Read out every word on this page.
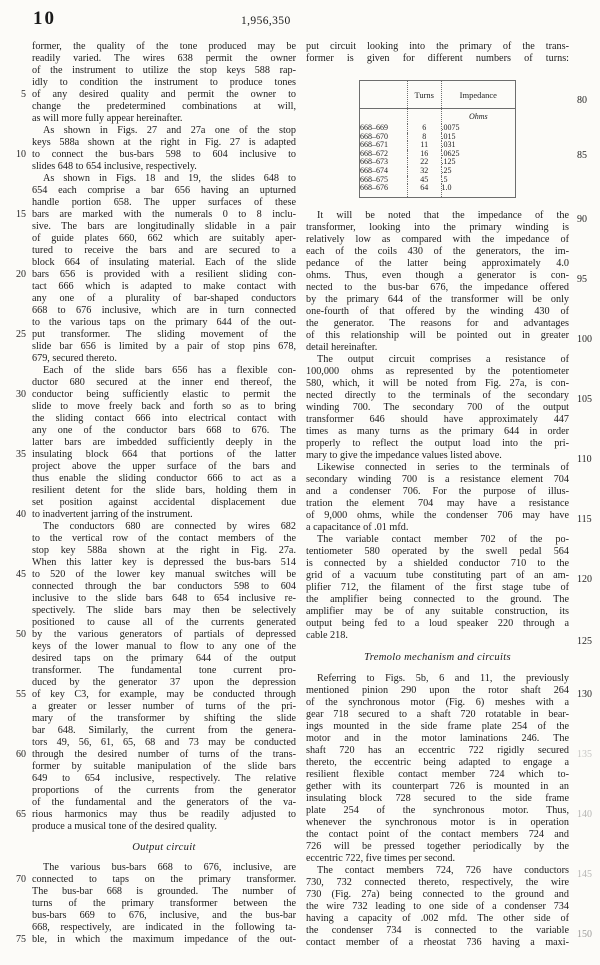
10	1,956,350
5
10
15
20
25
30
35
40
45
50
55
60
65
70
75
80
85
90
95
100
105
110
115
120
125
130
135
140
145
150
former, the quality of the tone produced may be
readily varied. The wires 638 permit the owner
of the instrument to utilize the stop keys 588 rap-
idly to condition the instrument to produce tones
of any desired quality and permit the owner to
change the predetermined combinations at will,
as will more fully appear hereinafter.
As shown in Figs. 27 and 27a one of the stop
keys 588a shown at the right in Fig. 27 is adapted
to connect the bus-bars 598 to 604 inclusive to
slides 648 to 654 inclusive, respectively.
As shown in Figs. 18 and 19, the slides 648 to
654 each comprise a bar 656 having an upturned
handle portion 658. The upper surfaces of these
bars are marked with the numerals 0 to 8 inclu-
sive. The bars are longitudinally slidable in a pair
of guide plates 660, 662 which are suitably aper-
tured to receive the bars and are secured to a
block 664 of insulating material. Each of the slide
bars 656 is provided with a resilient sliding con-
tact 666 which is adapted to make contact with
any one of a plurality of bar-shaped conductors
668 to 676 inclusive, which are in turn connected
to the various taps on the primary 644 of the out-
put transformer. The sliding movement of the
slide bar 656 is limited by a pair of stop pins 678,
679, secured thereto.
Each of the slide bars 656 has a flexible con-
ductor 680 secured at the inner end thereof, the
conductor being sufficiently elastic to permit the
slide to move freely back and forth so as to bring
the sliding contact 666 into electrical contact with
any one of the conductor bars 668 to 676. The
latter bars are imbedded sufficiently deeply in the
insulating block 664 that portions of the latter
project above the upper surface of the bars and
thus enable the sliding conductor 666 to act as a
resilient detent for the slide bars, holding them in
set position against accidental displacement due
to inadvertent jarring of the instrument.
The conductors 680 are connected by wires 682
to the vertical row of the contact members of the
stop key 588a shown at the right in Fig. 27a.
When this latter key is depressed the bus-bars 514
to 520 of the lower key manual switches will be
connected through the bar conductors 598 to 604
inclusive to the slide bars 648 to 654 inclusive re-
spectively. The slide bars may then be selectively
positioned to cause all of the currents generated
by the various generators of partials of depressed
keys of the lower manual to flow to any one of the
desired taps on the primary 644 of the output
transformer. The fundamental tone current pro-
duced by the generator 37 upon the depression
of key C3, for example, may be conducted through
a greater or lesser number of turns of the pri-
mary of the transformer by shifting the slide
bar 648. Similarly, the current from the genera-
tors 49, 56, 61, 65, 68 and 73 may be conducted
through the desired number of turns of the trans-
former by suitable manipulation of the slide bars
649 to 654 inclusive, respectively. The relative
proportions of the currents from the generator
of the fundamental and the generators of the va-
rious harmonics may thus be readily adjusted to
produce a musical tone of the desired quality.
Output circuit
The various bus-bars 668 to 676, inclusive, are
connected to taps on the primary transformer.
The bus-bar 668 is grounded. The number of
turns of the primary transformer between the
bus-bars 669 to 676, inclusive, and the bus-bar
668, respectively, are indicated in the following ta-
ble, in which the maximum impedance of the out-
put circuit looking into the primary of the trans-
former is given for different numbers of turns:
	Turns	Impedance
		Ohms
668–669	6	.0075
668–670	8	.015
668–671	11	.031
668–672	16	.0625
668–673	22	.125
668–674	32	.25
668–675	45	.5
668–676	64	1.0
It will be noted that the impedance of the
transformer, looking into the primary winding is
relatively low as compared with the impedance of
each of the coils 430 of the generators, the im-
pedance of the latter being approximately 4.0
ohms. Thus, even though a generator is con-
nected to the bus-bar 676, the impedance offered
by the primary 644 of the transformer will be only
one-fourth of that offered by the winding 430 of
the generator. The reasons for and advantages
of this relationship will be pointed out in greater
detail hereinafter.
The output circuit comprises a resistance of
100,000 ohms as represented by the potentiometer
580, which, it will be noted from Fig. 27a, is con-
nected directly to the terminals of the secondary
winding 700. The secondary 700 of the output
transformer 646 should have approximately 447
times as many turns as the primary 644 in order
properly to reflect the output load into the pri-
mary to give the impedance values listed above.
Likewise connected in series to the terminals of
secondary winding 700 is a resistance element 704
and a condenser 706. For the purpose of illus-
tration the element 704 may have a resistance
of 9,000 ohms, while the condenser 706 may have
a capacitance of .01 mfd.
The variable contact member 702 of the po-
tentiometer 580 operated by the swell pedal 564
is connected by a shielded conductor 710 to the
grid of a vacuum tube constituting part of an am-
plifier 712, the filament of the first stage tube of
the amplifier being connected to the ground. The
amplifier may be of any suitable construction, its
output being fed to a loud speaker 220 through a
cable 218.
Tremolo mechanism and circuits
Referring to Figs. 5b, 6 and 11, the previously
mentioned pinion 290 upon the rotor shaft 264
of the synchronous motor (Fig. 6) meshes with a
gear 718 secured to a shaft 720 rotatable in bear-
ings mounted in the side frame plate 254 of the
motor and in the motor laminations 246. The
shaft 720 has an eccentric 722 rigidly secured
thereto, the eccentric being adapted to engage a
resilient flexible contact member 724 which to-
gether with its counterpart 726 is mounted in an
insulating block 728 secured to the side frame
plate 254 of the synchronous motor. Thus,
whenever the synchronous motor is in operation
the contact point of the contact members 724 and
726 will be pressed together periodically by the
eccentric 722, five times per second.
The contact members 724, 726 have conductors
730, 732 connected thereto, respectively, the wire
730 (Fig. 27a) being connected to the ground and
the wire 732 leading to one side of a condenser 734
having a capacity of .002 mfd. The other side of
the condenser 734 is connected to the variable
contact member of a rheostat 736 having a maxi-
